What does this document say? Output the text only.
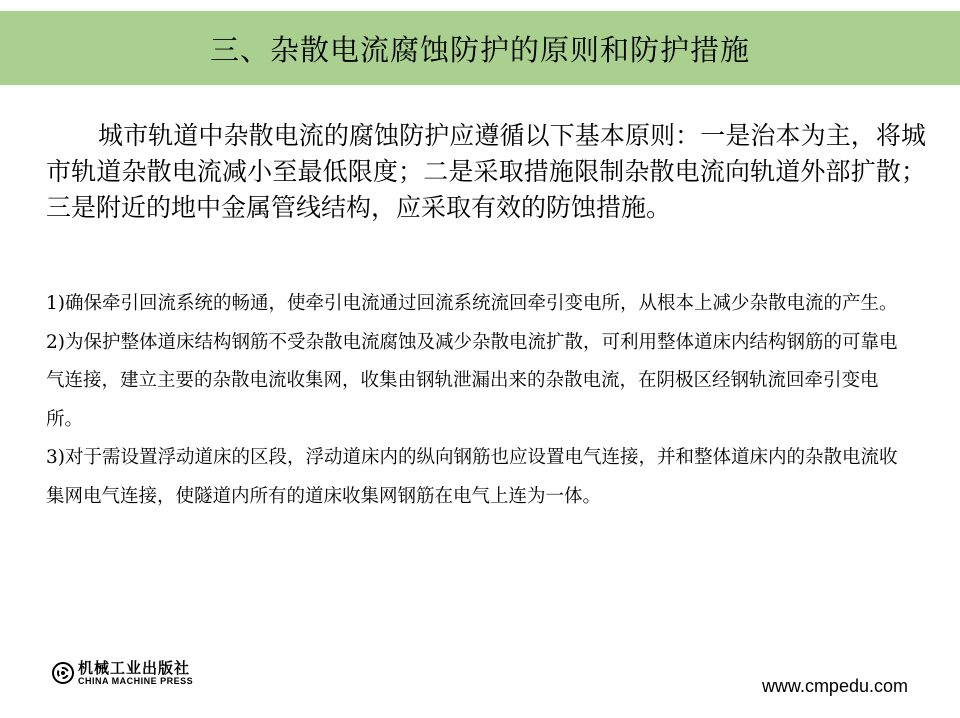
三、杂散电流腐蚀防护的原则和防护措施

城市轨道中杂散电流的腐蚀防护应遵循以下基本原则：一是治本为主，将城市轨道杂散电流减小至最低限度；二是采取措施限制杂散电流向轨道外部扩散；三是附近的地中金属管线结构，应采取有效的防蚀措施。

1)确保牵引回流系统的畅通，使牵引电流通过回流系统流回牵引变电所，从根本上减少杂散电流的产生。

2)为保护整体道床结构钢筋不受杂散电流腐蚀及减少杂散电流扩散，可利用整体道床内结构钢筋的可靠电气连接，建立主要的杂散电流收集网，收集由钢轨泄漏出来的杂散电流，在阴极区经钢轨流回牵引变电所。

3)对于需设置浮动道床的区段，浮动道床内的纵向钢筋也应设置电气连接，并和整体道床内的杂散电流收集网电气连接，使隧道内所有的道床收集网钢筋在电气上连为一体。

机械工业出版社
CHINA MACHINE PRESS	www.cmpedu.com
